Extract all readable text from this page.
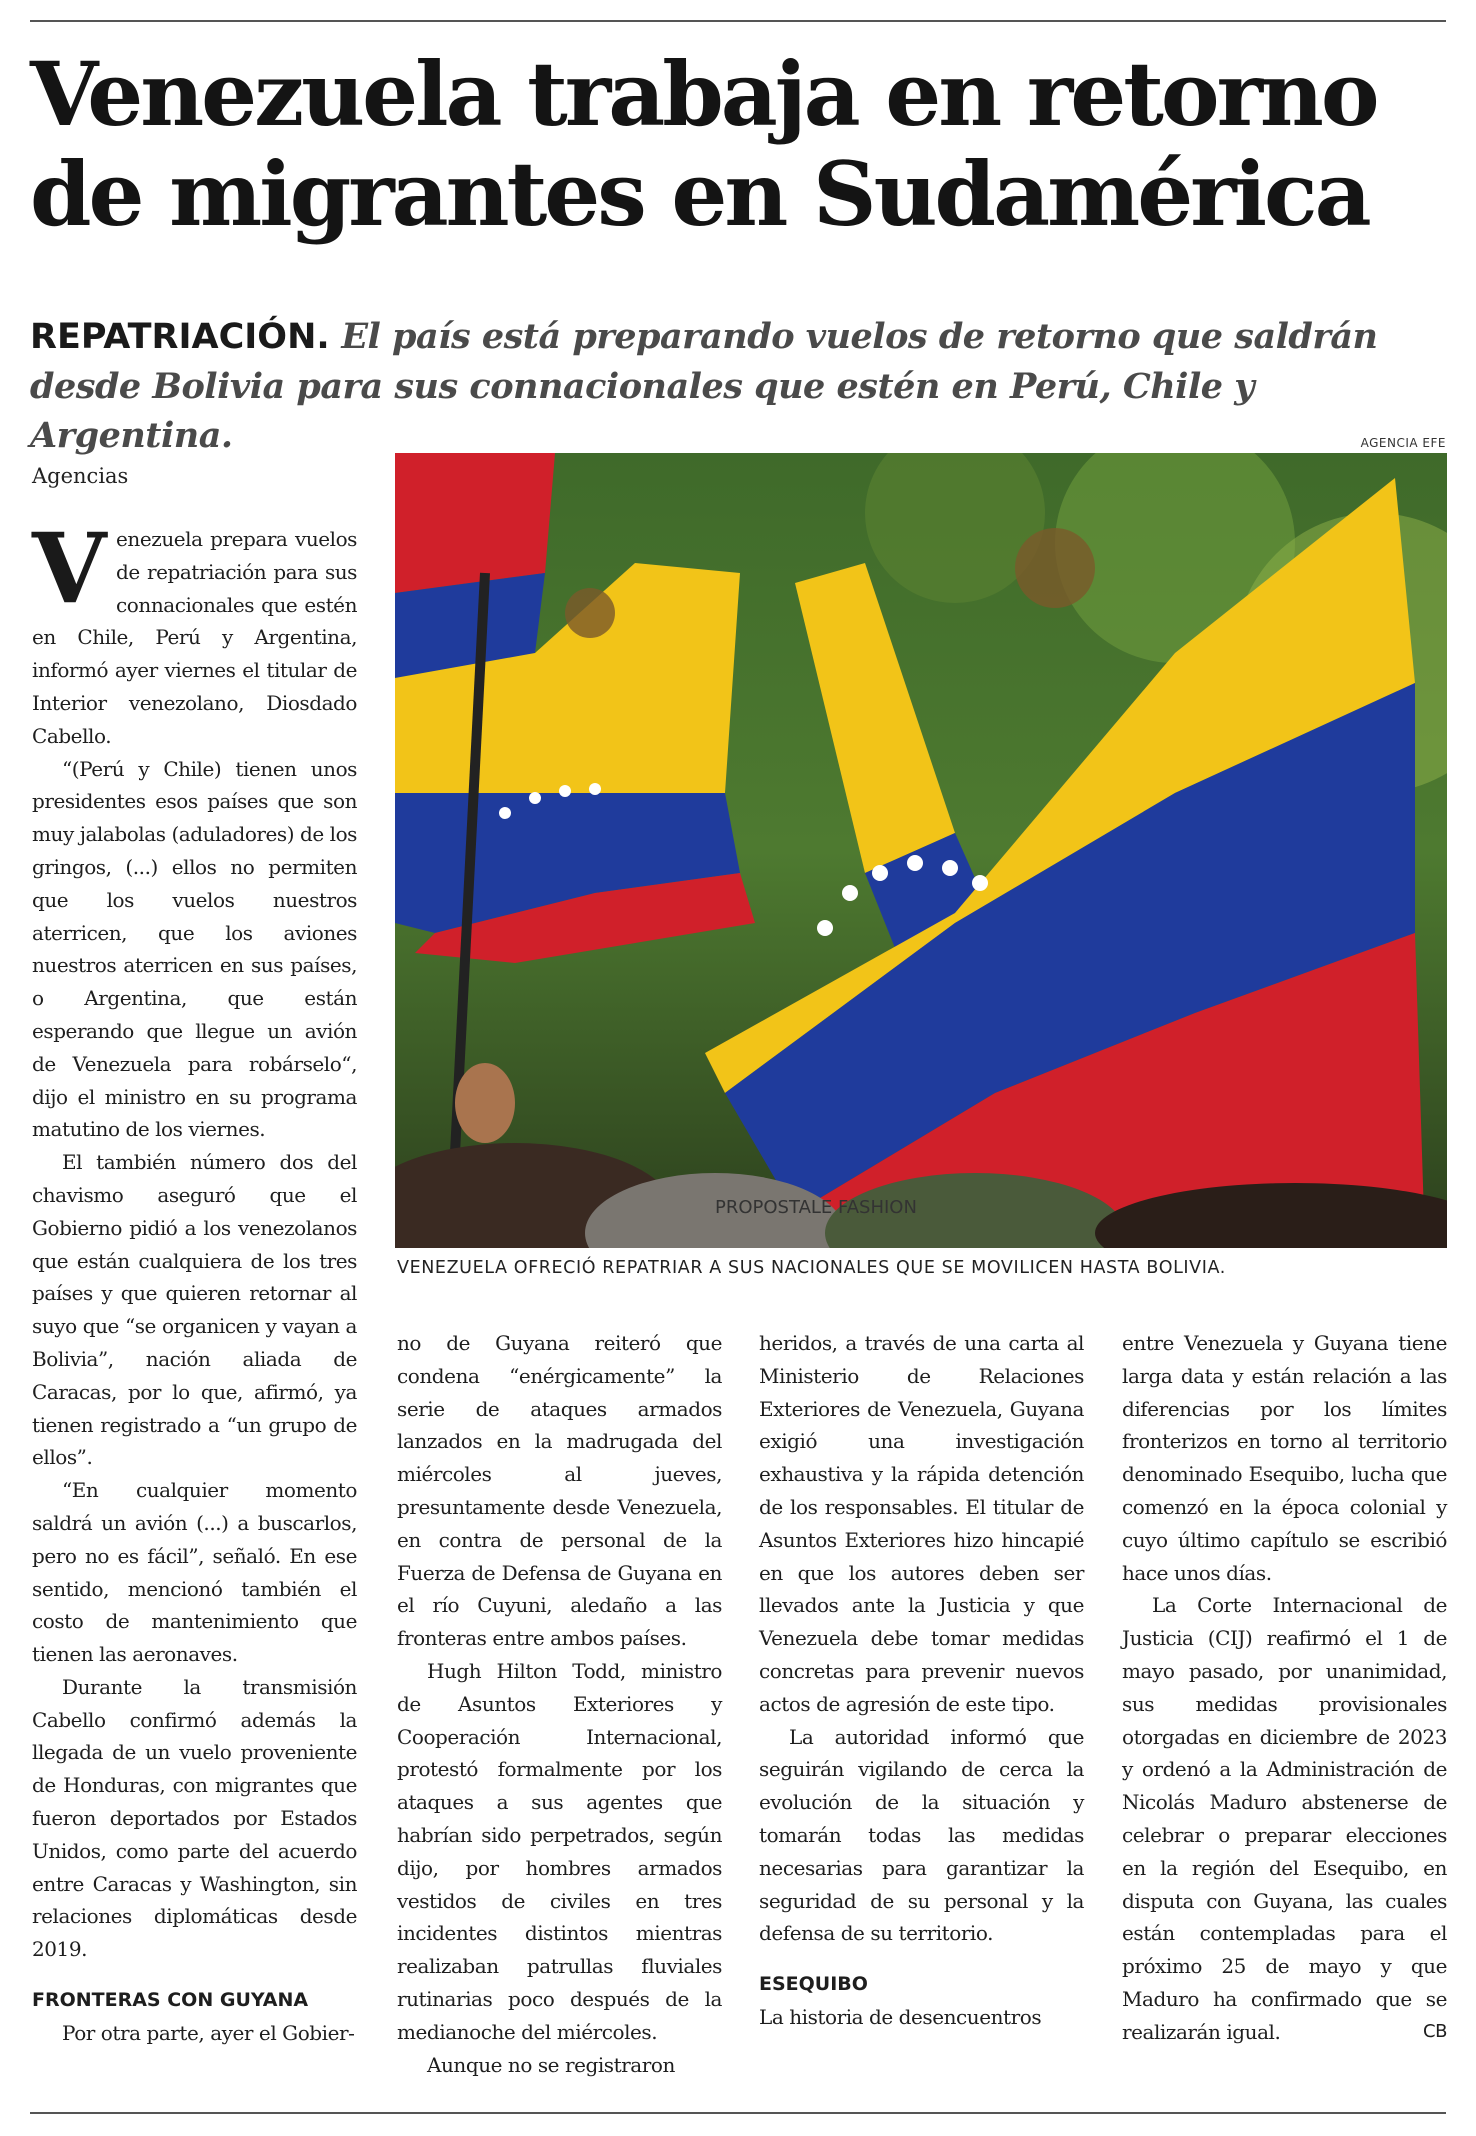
Venezuela trabaja en retorno
de migrantes en Sudamérica
REPATRIACIÓN. El país está preparando vuelos de retorno que saldrán desde Bolivia para sus connacionales que estén en Perú, Chile y Argentina.	AGENCIA EFE
PROPOSTALE FASHION
VENEZUELA OFRECIÓ REPATRIAR A SUS NACIONALES QUE SE MOVILICEN HASTA BOLIVIA.
Agencias

Venezuela prepara vuelos de repatriación para sus connacionales que estén en Chile, Perú y Argentina, informó ayer viernes el titular de Interior venezolano, Diosdado Cabello.

“(Perú y Chile) tienen unos presidentes esos países que son muy jalabolas (aduladores) de los gringos, (...) ellos no permiten que los vuelos nuestros aterricen, que los aviones nuestros aterricen en sus países, o Argentina, que están esperando que llegue un avión de Venezuela para robárselo“, dijo el ministro en su programa matutino de los viernes.

El también número dos del chavismo aseguró que el Gobierno pidió a los venezolanos que están cualquiera de los tres países y que quieren retornar al suyo que “se organicen y vayan a Bolivia”, nación aliada de Caracas, por lo que, afirmó, ya tienen registrado a “un grupo de ellos”.

“En cualquier momento saldrá un avión (...) a buscarlos, pero no es fácil”, señaló. En ese sentido, mencionó también el costo de mantenimiento que tienen las aeronaves.

Durante la transmisión Cabello confirmó además la llegada de un vuelo proveniente de Honduras, con migrantes que fueron deportados por Estados Unidos, como parte del acuerdo entre Caracas y Washington, sin relaciones diplomáticas desde 2019.

FRONTERAS CON GUYANA

Por otra parte, ayer el Gobier-

no de Guyana reiteró que condena “enérgicamente” la serie de ataques armados lanzados en la madrugada del miércoles al jueves, presuntamente desde Venezuela, en contra de personal de la Fuerza de Defensa de Guyana en el río Cuyuni, aledaño a las fronteras entre ambos países.

Hugh Hilton Todd, ministro de Asuntos Exteriores y Cooperación Internacional, protestó formalmente por los ataques a sus agentes que habrían sido perpetrados, según dijo, por hombres armados vestidos de civiles en tres incidentes distintos mientras realizaban patrullas fluviales rutinarias poco después de la medianoche del miércoles.

Aunque no se registraron

heridos, a través de una carta al Ministerio de Relaciones Exteriores de Venezuela, Guyana exigió una investigación exhaustiva y la rápida detención de los responsables. El titular de Asuntos Exteriores hizo hincapié en que los autores deben ser llevados ante la Justicia y que Venezuela debe tomar medidas concretas para prevenir nuevos actos de agresión de este tipo.

La autoridad informó que seguirán vigilando de cerca la evolución de la situación y tomarán todas las medidas necesarias para garantizar la seguridad de su personal y la defensa de su territorio.

ESEQUIBO

La historia de desencuentros

entre Venezuela y Guyana tiene larga data y están relación a las diferencias por los límites fronterizos en torno al territorio denominado Esequibo, lucha que comenzó en la época colonial y cuyo último capítulo se escribió hace unos días.

La Corte Internacional de Justicia (CIJ) reafirmó el 1 de mayo pasado, por unanimidad, sus medidas provisionales otorgadas en diciembre de 2023 y ordenó a la Administración de Nicolás Maduro abstenerse de celebrar o preparar elecciones en la región del Esequibo, en disputa con Guyana, las cuales están contempladas para el próximo 25 de mayo y que Maduro ha confirmado que se realizarán igual.	CB
